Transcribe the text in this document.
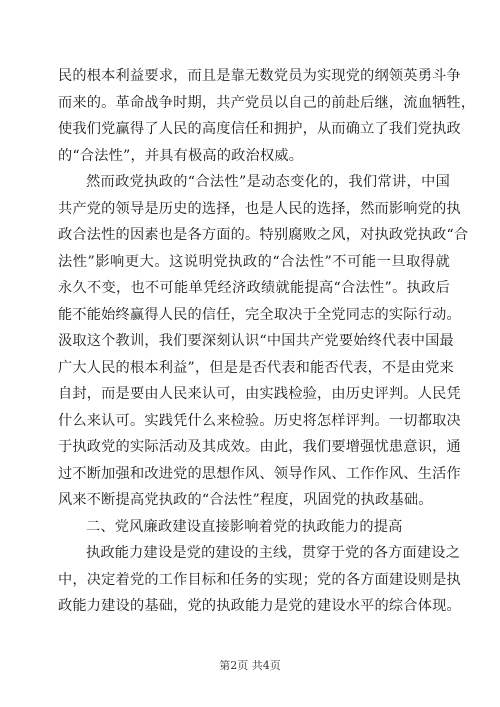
民的根本利益要求，而且是靠无数党员为实现党的纲领英勇斗争
而来的。革命战争时期，共产党员以自己的前赴后继，流血牺牲，
使我们党赢得了人民的高度信任和拥护，从而确立了我们党执政
的“合法性”，并具有极高的政治权威。
然而政党执政的“合法性”是动态变化的，我们常讲，中国
共产党的领导是历史的选择，也是人民的选择，然而影响党的执
政合法性的因素也是各方面的。特别腐败之风，对执政党执政“合
法性”影响更大。这说明党执政的“合法性”不可能一旦取得就
永久不变，也不可能单凭经济政绩就能提高“合法性”。执政后
能不能始终赢得人民的信任，完全取决于全党同志的实际行动。
汲取这个教训，我们要深刻认识“中国共产党要始终代表中国最
广大人民的根本利益”，但是是否代表和能否代表，不是由党来
自封，而是要由人民来认可，由实践检验，由历史评判。人民凭
什么来认可。实践凭什么来检验。历史将怎样评判。一切都取决
于执政党的实际活动及其成效。由此，我们要增强忧患意识，通
过不断加强和改进党的思想作风、领导作风、工作作风、生活作
风来不断提高党执政的“合法性”程度，巩固党的执政基础。
二、党风廉政建设直接影响着党的执政能力的提高
执政能力建设是党的建设的主线，贯穿于党的各方面建设之
中，决定着党的工作目标和任务的实现；党的各方面建设则是执
政能力建设的基础，党的执政能力是党的建设水平的综合体现。
第2页 共4页
